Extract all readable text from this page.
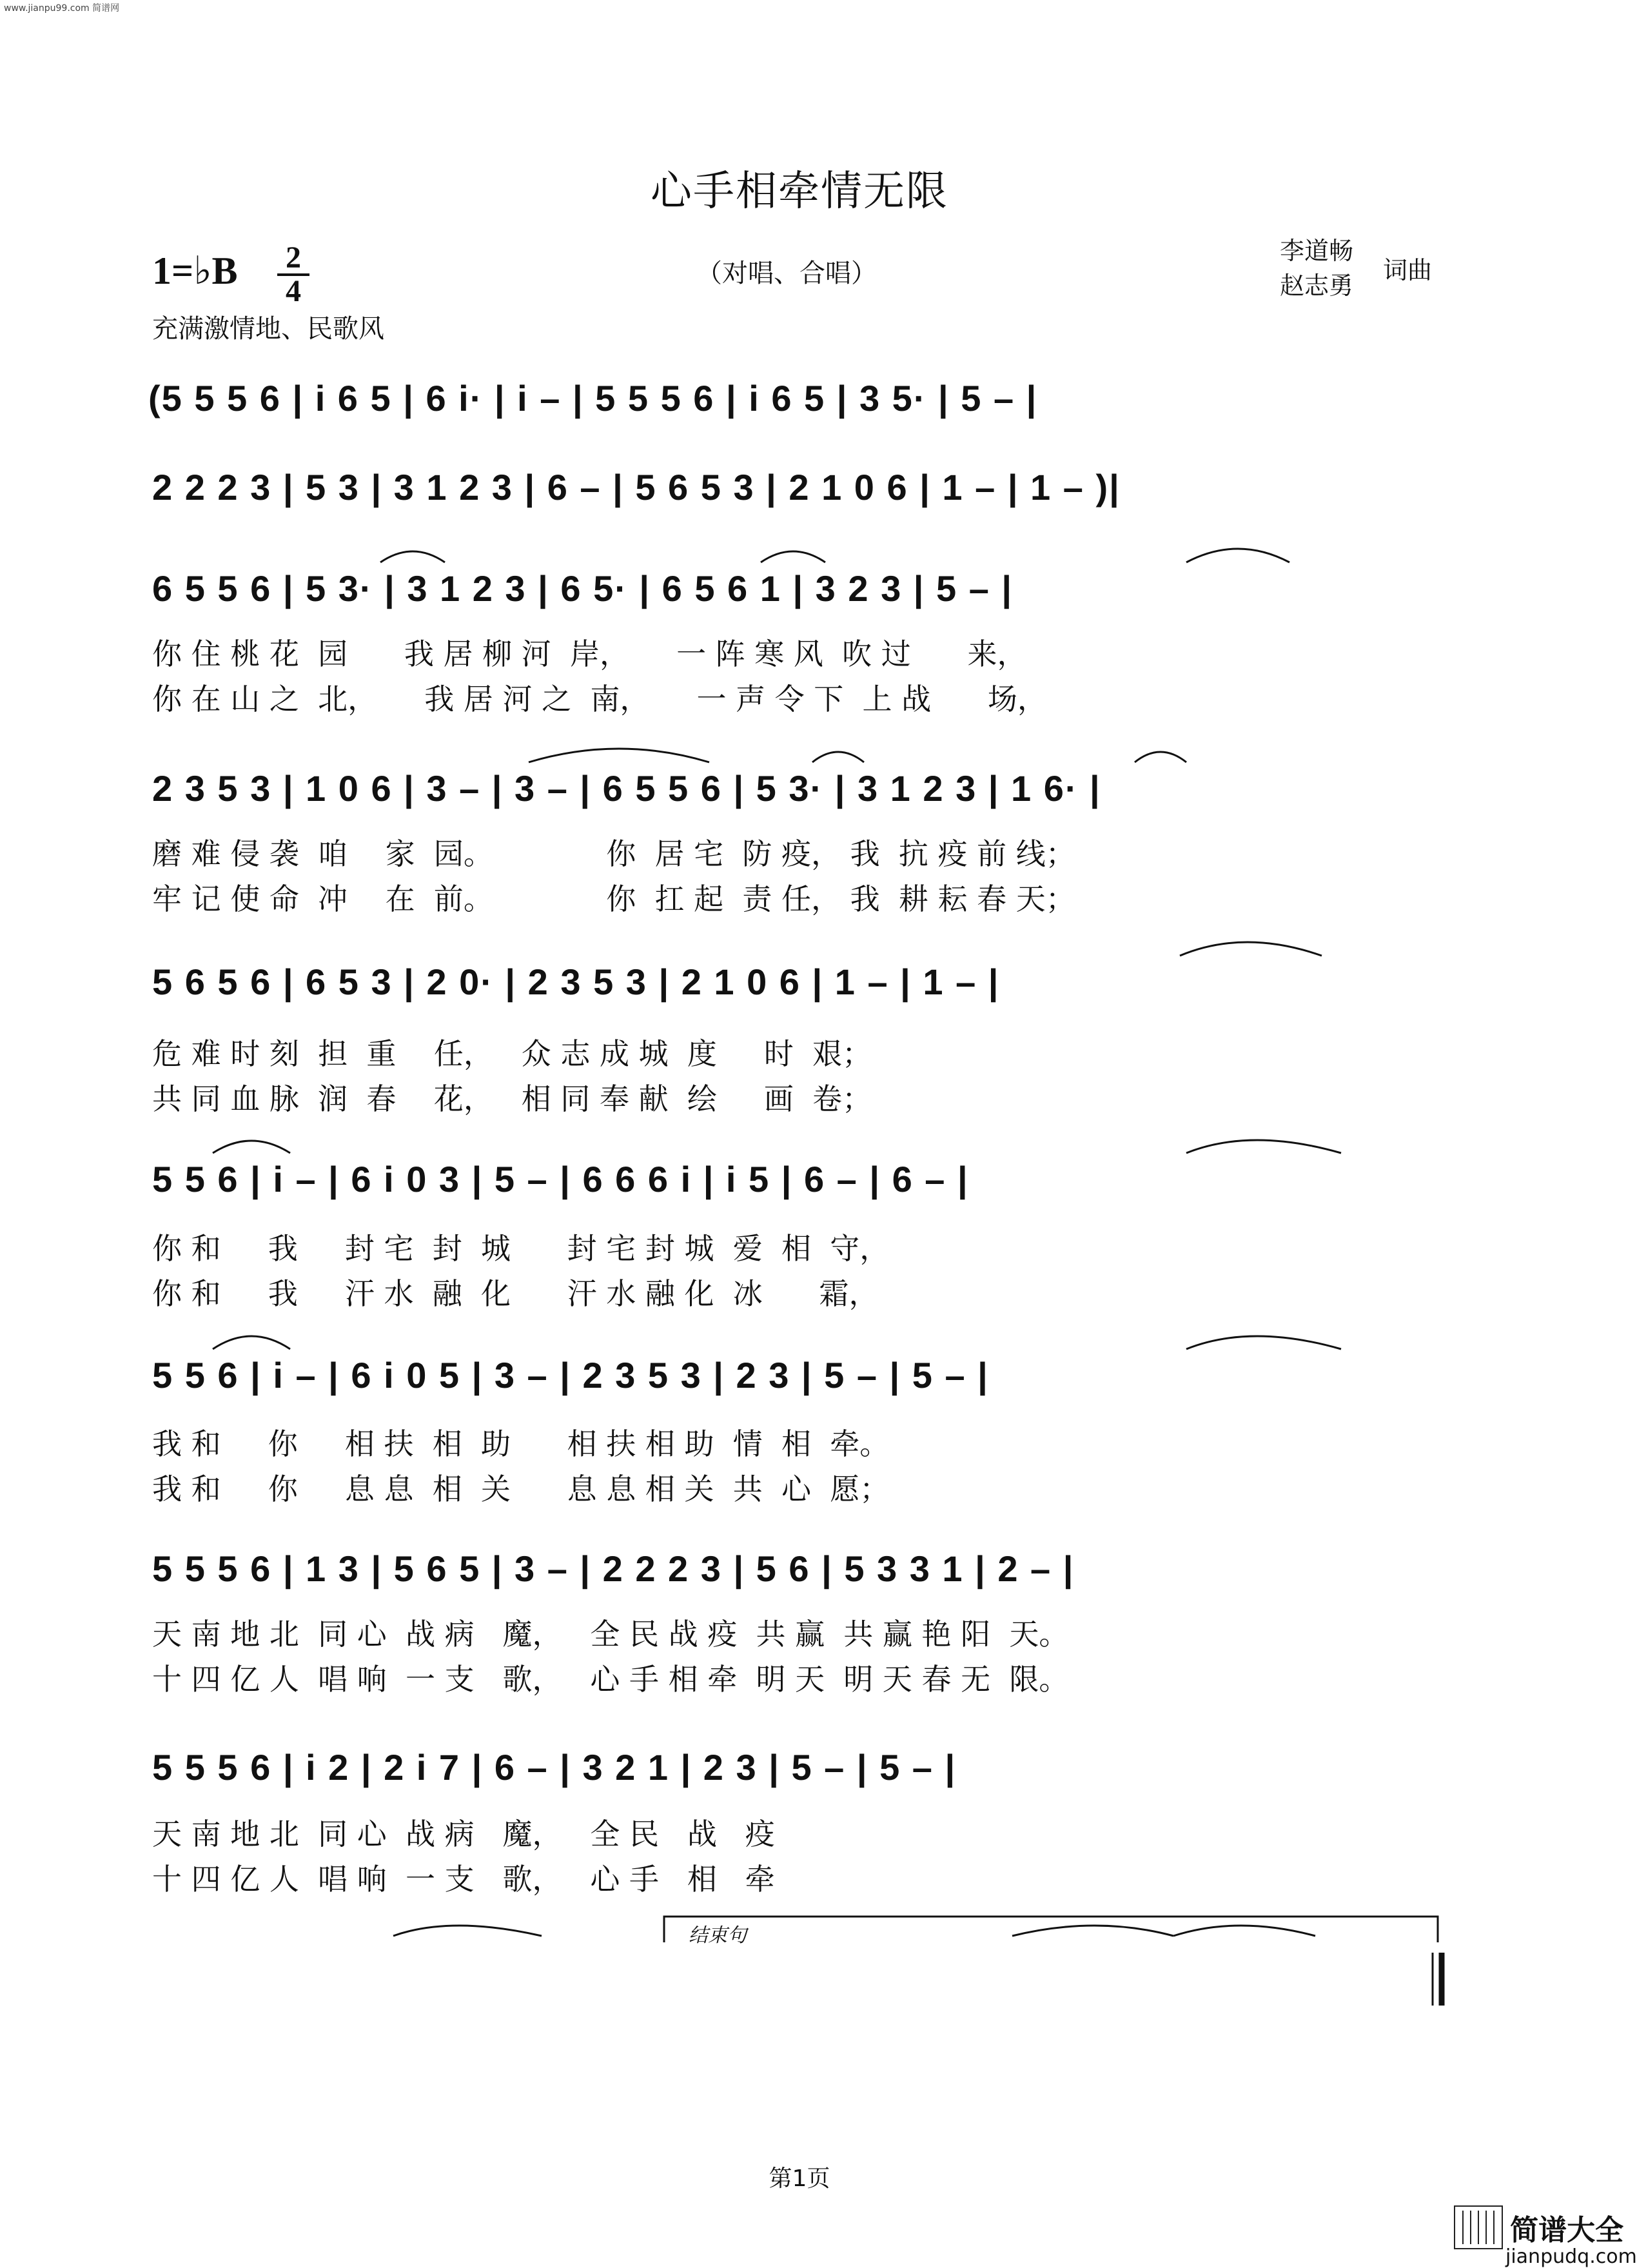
www.jianpu99.com 简谱网
心手相牵情无限
1=♭B 2
4
（对唱、合唱）
李道畅
赵志勇
词曲
充满激情地、民歌风
(5 5 5 6 | i 6 5 | 6 i· | i – | 5 5 5 6 | i 6 5 | 3 5· | 5 – |
2 2 2 3 | 5 3 | 3 1 2 3 | 6 – | 5 6 5 3 | 2 1 0 6 | 1 – | 1 – )|
6 5 5 6 | 5 3· | 3 1 2 3 | 6 5· | 6 5 6 1 | 3 2 3 | 5 – |
你 住 桃 花  园      我 居 柳 河  岸，     一 阵 寒 风  吹 过      来，
你 在 山 之  北，     我 居 河 之  南，     一 声 令 下  上 战      场，
2 3 5 3 | 1 0 6 | 3 – | 3 – | 6 5 5 6 | 5 3· | 3 1 2 3 | 1 6· |
磨 难 侵 袭  咱    家  园。            你  居 宅  防 疫， 我  抗 疫 前 线；
牢 记 使 命  冲    在  前。            你  扛 起  责 任， 我  耕 耘 春 天；
5 6 5 6 | 6 5 3 | 2 0· | 2 3 5 3 | 2 1 0 6 | 1 – | 1 – |
危 难 时 刻  担  重    任，   众 志 成 城  度     时  艰；
共 同 血 脉  润  春    花，   相 同 奉 献  绘     画  卷；
5 5 6 | i – | 6 i 0 3 | 5 – | 6 6 6 i | i 5 | 6 – | 6 – |
你 和     我     封 宅  封  城      封 宅 封 城  爱  相  守，
你 和     我     汗 水  融  化      汗 水 融 化  冰      霜，
5 5 6 | i – | 6 i 0 5 | 3 – | 2 3 5 3 | 2 3 | 5 – | 5 – |
我 和     你     相 扶  相  助      相 扶 相 助  情  相  牵。
我 和     你     息 息  相  关      息 息 相 关  共  心  愿；
5 5 5 6 | 1 3 | 5 6 5 | 3 – | 2 2 2 3 | 5 6 | 5 3 3 1 | 2 – |
天 南 地 北  同 心  战 病   魔，   全 民 战 疫  共 赢  共 赢 艳 阳  天。
十 四 亿 人  唱 响  一 支   歌，   心 手 相 牵  明 天  明 天 春 无  限。
5 5 5 6 | i 2 | 2 i 7 | 6 – | 3 2 1 | 2 3 | 5 – | 5 – |
天 南 地 北  同 心  战 病   魔，   全 民   战   疫
十 四 亿 人  唱 响  一 支   歌，   心 手   相   牵
结束句
第1页
简谱大全
jianpudq.com
